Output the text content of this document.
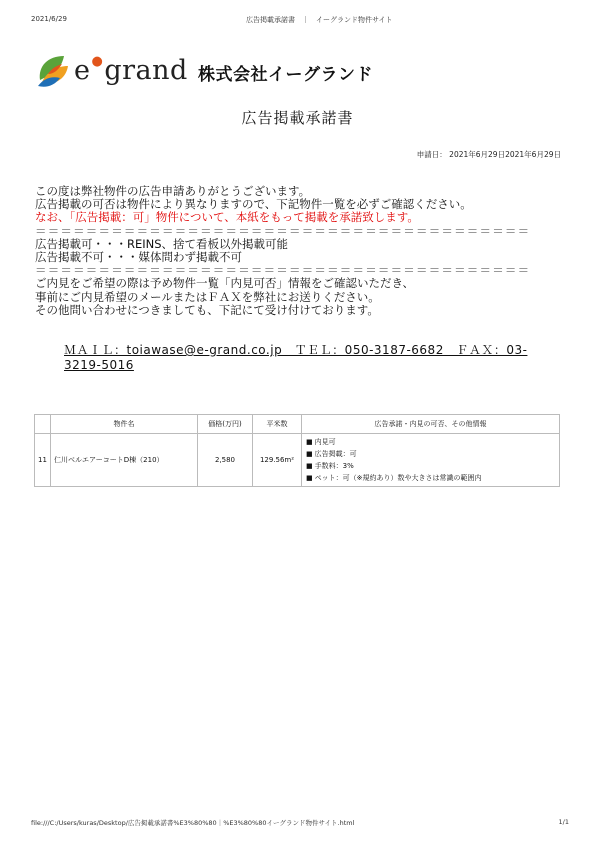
2021/6/29	広告掲載承諾書　｜　イーグランド物件サイト
e●grand 株式会社イーグランド
広告掲載承諾書
申請日： 2021年6月29日2021年6月29日
この度は弊社物件の広告申請ありがとうございます。
広告掲載の可否は物件により異なりますので、下記物件一覧を必ずご確認ください。
なお、「広告掲載：可」物件について、本紙をもって掲載を承諾致します。
＝＝＝＝＝＝＝＝＝＝＝＝＝＝＝＝＝＝＝＝＝＝＝＝＝＝＝＝＝＝＝＝＝＝＝＝＝＝＝
広告掲載可・・・REINS、捨て看板以外掲載可能
広告掲載不可・・・媒体問わず掲載不可
＝＝＝＝＝＝＝＝＝＝＝＝＝＝＝＝＝＝＝＝＝＝＝＝＝＝＝＝＝＝＝＝＝＝＝＝＝＝＝
ご内見をご希望の際は予め物件一覧「内見可否」情報をご確認いただき、
事前にご内見希望のメールまたはＦＡＸを弊社にお送りください。
その他問い合わせにつきましても、下記にて受け付けております。
ＭＡＩＬ：toiawase@e-grand.co.jp　ＴＥＬ：050-3187-6682　ＦＡＸ：03-3219-5016
	物件名	価格(万円)	平米数	広告承諾・内見の可否、その他情報
11	仁川ベルエアーコートD棟（210）	2,580	129.56m²	■ 内見可
■ 広告掲載：可
■ 手数料：3%
■ ペット：可（※規約あり）数や大きさは常識の範囲内
file:///C:/Users/kuras/Desktop/広告掲載承諾書%E3%80%80｜%E3%80%80イーグランド物件サイト.html	1/1
